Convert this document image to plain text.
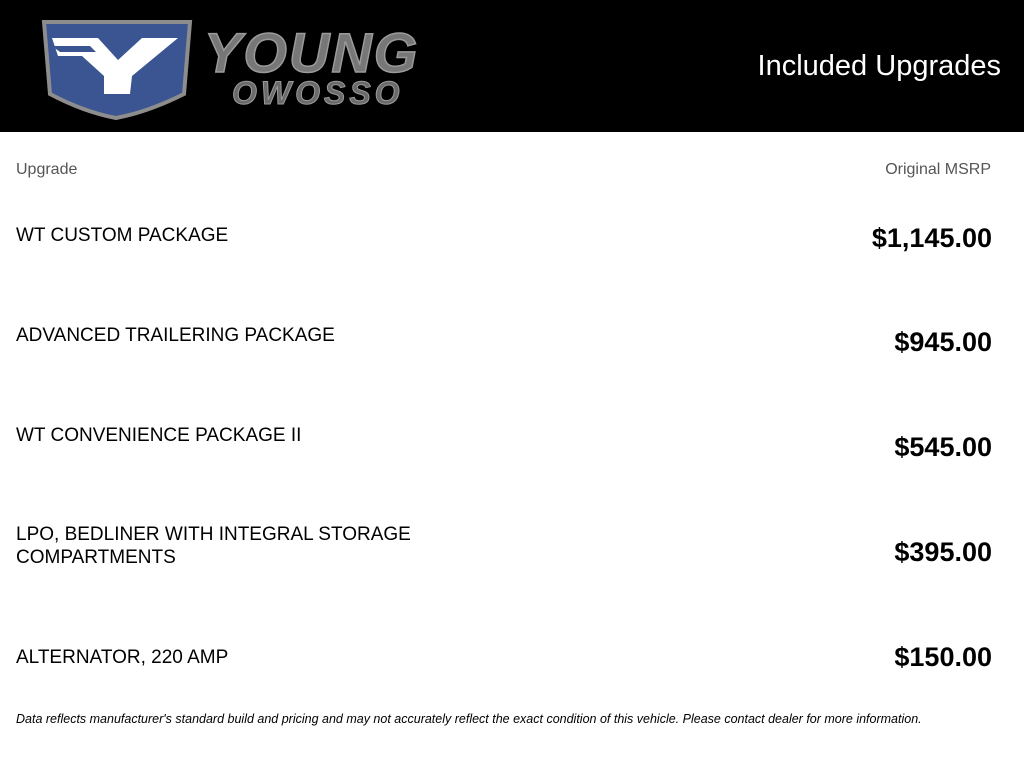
YOUNG
OWOSSO
Included Upgrades
Upgrade	Original MSRP
WT CUSTOM PACKAGE	$1,145.00
ADVANCED TRAILERING PACKAGE	$945.00
WT CONVENIENCE PACKAGE II	$545.00
LPO, BEDLINER WITH INTEGRAL STORAGE COMPARTMENTS	$395.00
ALTERNATOR, 220 AMP	$150.00
Data reflects manufacturer's standard build and pricing and may not accurately reflect the exact condition of this vehicle. Please contact dealer for more information.
